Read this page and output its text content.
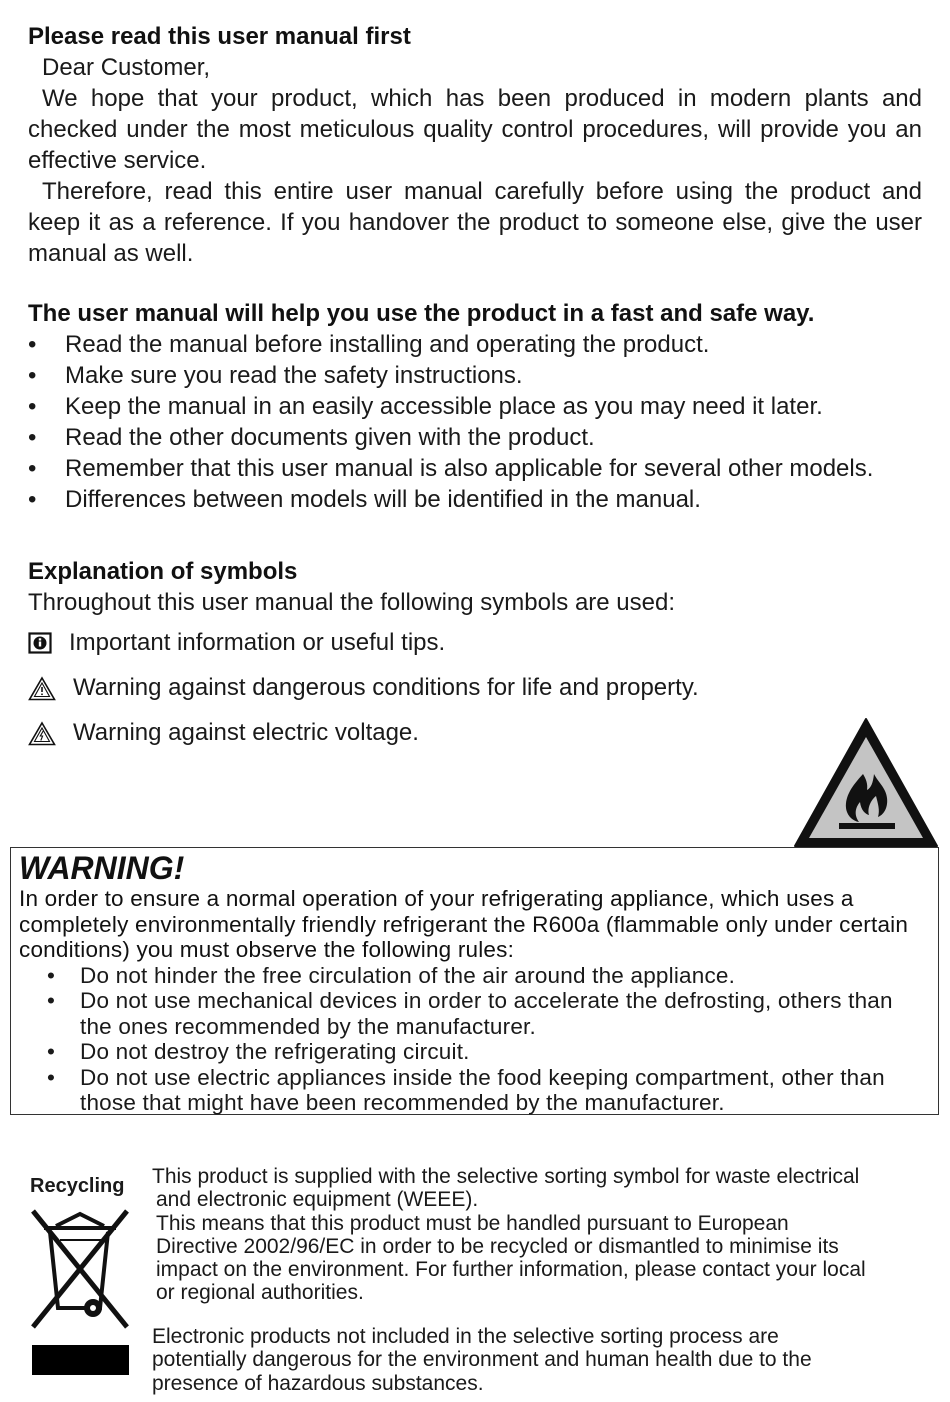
Please read this user manual first
Dear Customer,
We hope that your product, which has been produced in modern plants and checked under the most meticulous quality control procedures, will provide you an effective service.
Therefore, read this entire user manual carefully before using the product and keep it as a reference. If you handover the product to someone else, give the user manual as well.
The user manual will help you use the product in a fast and safe way.
• Read the manual before installing and operating the product.
• Make sure you read the safety instructions.
• Keep the manual in an easily accessible place as you may need it later.
• Read the other documents given with the product.
• Remember that this user manual is also applicable for several other models.
• Differences between models will be identified in the manual.
Explanation of symbols
Throughout this user manual the following symbols are used:
Important information or useful tips.
Warning against dangerous conditions for life and property.
Warning against electric voltage.
WARNING!
In order to ensure a normal operation of your refrigerating appliance, which uses a completely environmentally friendly refrigerant the R600a (flammable only under certain conditions) you must observe the following rules:
• Do not hinder the free circulation of the air around the appliance.
• Do not use mechanical devices in order to accelerate the defrosting, others than the ones recommended by the manufacturer.
• Do not destroy the refrigerating circuit.
• Do not use electric appliances inside the food keeping compartment, other than those that might have been recommended by the manufacturer.
Recycling This product is supplied with the selective sorting symbol for waste electrical
and electronic equipment (WEEE).
This means that this product must be handled pursuant to European
Directive 2002/96/EC in order to be recycled or dismantled to minimise its
impact on the environment. For further information, please contact your local
or regional authorities.
Electronic products not included in the selective sorting process are
potentially dangerous for the environment and human health due to the
presence of hazardous substances.
